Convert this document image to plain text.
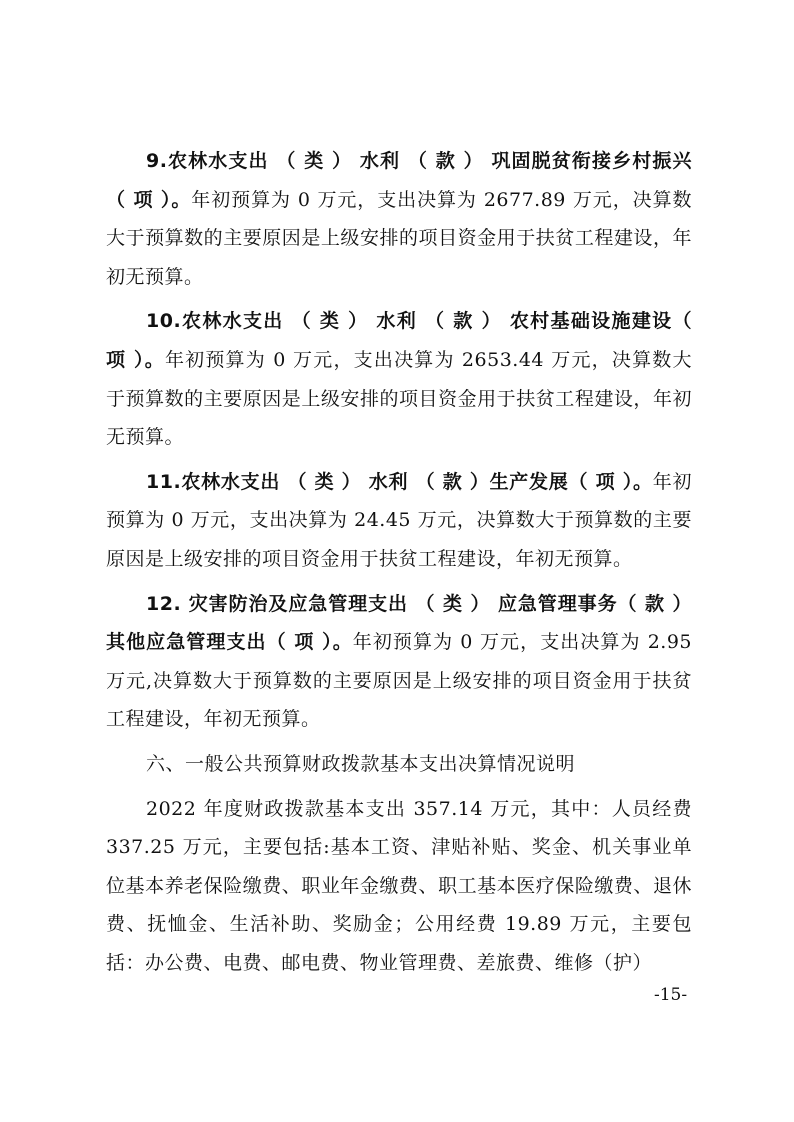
9.农林水支出 （ 类 ） 水利 （ 款 ） 巩固脱贫衔接乡村振兴（ 项 ）。年初预算为 0 万元，支出决算为 2677.89 万元，决算数大于预算数的主要原因是上级安排的项目资金用于扶贫工程建设，年初无预算。

10.农林水支出 （ 类 ） 水利 （ 款 ） 农村基础设施建设（ 项 ）。年初预算为 0 万元，支出决算为 2653.44 万元，决算数大于预算数的主要原因是上级安排的项目资金用于扶贫工程建设，年初无预算。

11.农林水支出 （ 类 ） 水利 （ 款 ）生产发展（ 项 ）。年初预算为 0 万元，支出决算为 24.45 万元，决算数大于预算数的主要原因是上级安排的项目资金用于扶贫工程建设，年初无预算。

12. 灾害防治及应急管理支出 （ 类 ） 应急管理事务（ 款 ）其他应急管理支出（ 项 ）。年初预算为 0 万元，支出决算为 2.95 万元,决算数大于预算数的主要原因是上级安排的项目资金用于扶贫工程建设，年初无预算。

六、一般公共预算财政拨款基本支出决算情况说明

2022 年度财政拨款基本支出 357.14 万元，其中：人员经费 337.25 万元，主要包括:基本工资、津贴补贴、奖金、机关事业单位基本养老保险缴费、职业年金缴费、职工基本医疗保险缴费、退休费、抚恤金、生活补助、奖励金；公用经费 19.89 万元，主要包括：办公费、电费、邮电费、物业管理费、差旅费、维修（护）

-15-
